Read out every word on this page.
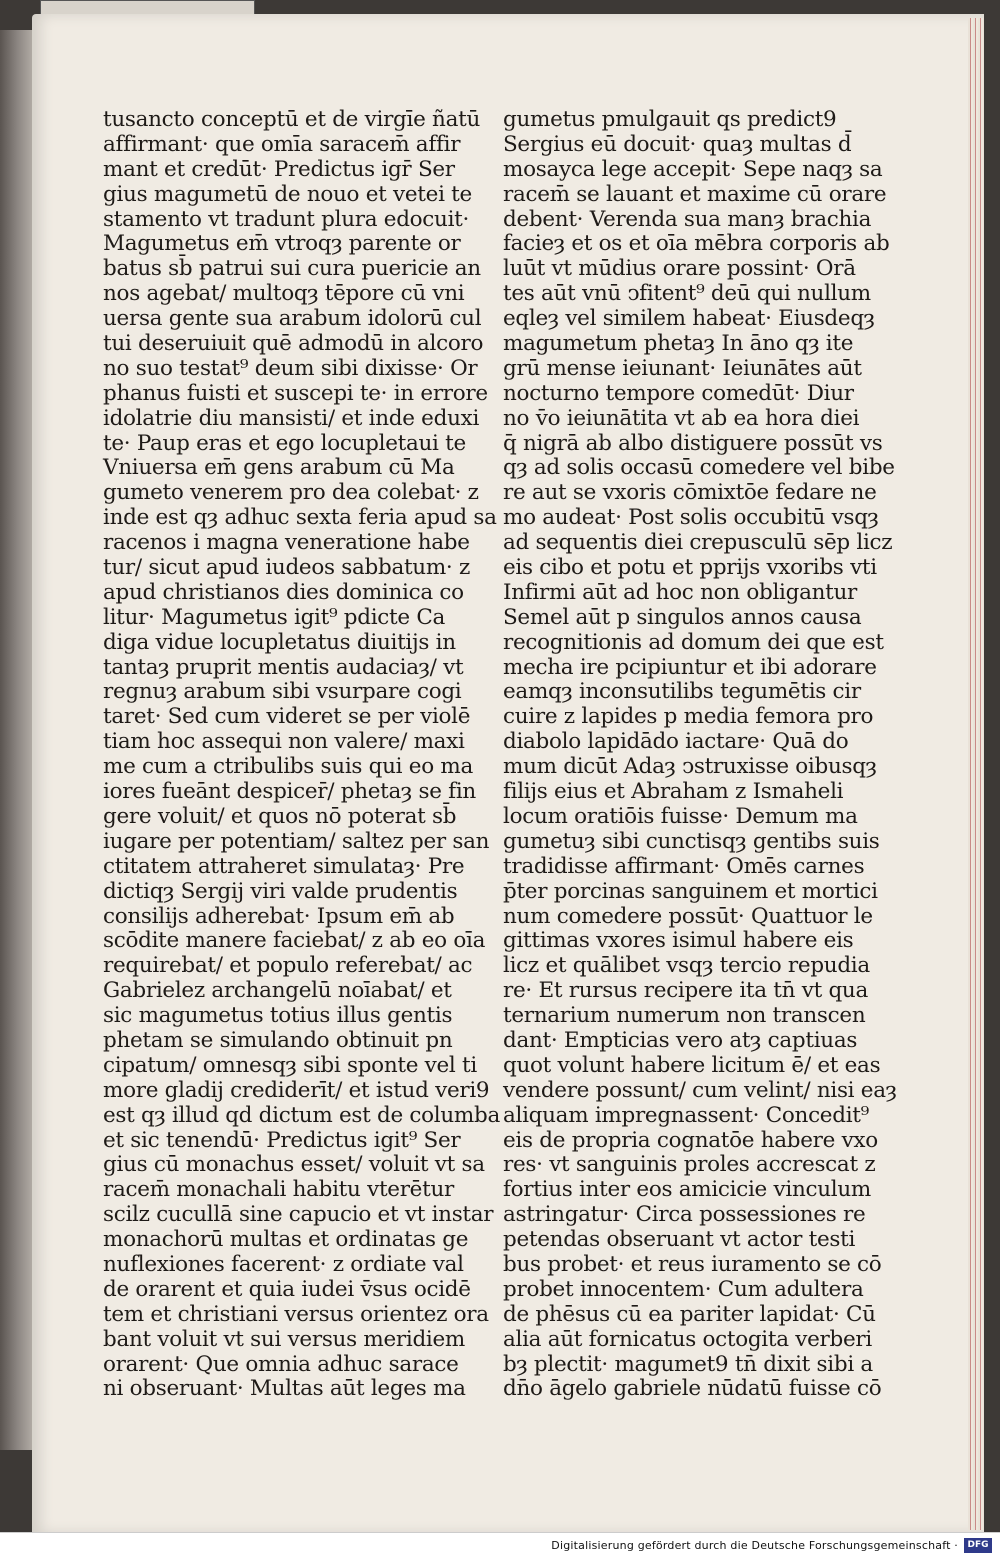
tusancto conceptū et de virgīe ñatū
affirmant· que omīa saracem̄ affir
mant et credūt· Predictus igr̄ Ser
gius magumetū de nouo et vetei te
stamento vt tradunt plura edocuit·
Magumetus em̄ vtroqȝ parente or
batus sb̄ patrui sui cura puericie an
nos agebat/ multoqȝ tēpore cū vni
uersa gente sua arabum idolorū cul
tui deseruiuit quē admodū in alcoro
no suo testat⁹ deum sibi dixisse· Or
phanus fuisti et suscepi te· in errore
idolatrie diu mansisti/ et inde eduxi
te· Paup eras et ego locupletaui te
Vniuersa em̄ gens arabum cū Ma
gumeto venerem pro dea colebat· z
inde est qȝ adhuc sexta feria apud sa
racenos i magna veneratione habe
tur/ sicut apud iudeos sabbatum· z
apud christianos dies dominica co
litur· Magumetus igit⁹ pdicte Ca
diga vidue locupletatus diuitijs in
tantaȝ pruprit mentis audaciaȝ/ vt
regnuȝ arabum sibi vsurpare cogi
taret· Sed cum videret se per violē
tiam hoc assequi non valere/ maxi
me cum a ctribulibs suis qui eo ma
iores fueānt despicer̄/ phetaȝ se fin
gere voluit/ et quos nō poterat sb̄
iugare per potentiam/ saltez per san
ctitatem attraheret simulataȝ· Pre
dictiqȝ Sergij viri valde prudentis
consilijs adherebat· Ipsum em̄ ab
scōdite manere faciebat/ z ab eo oīa
requirebat/ et populo referebat/ ac
Gabrielez archangelū noīabat/ et
sic magumetus totius illus gentis
phetam se simulando obtinuit pn
cipatum/ omnesqȝ sibi sponte vel ti
more gladij crediderīt/ et istud veri9
est qȝ illud qd dictum est de columba
et sic tenendū· Predictus igit⁹ Ser
gius cū monachus esset/ voluit vt sa
racem̄ monachali habitu vterētur
scilz cucullā sine capucio et vt instar
monachorū multas et ordinatas ge
nuflexiones facerent· z ordiate val
de orarent et quia iudei v̄sus ocidē
tem et christiani versus orientez ora
bant voluit vt sui versus meridiem
orarent· Que omnia adhuc sarace
ni obseruant· Multas aūt leges ma
gumetus pmulgauit qs predict9
Sergius eū docuit· quaȝ multas d̄
mosayca lege accepit· Sepe naqȝ sa
racem̄ se lauant et maxime cū orare
debent· Verenda sua manȝ brachia
facieȝ et os et oīa mēbra corporis ab
luūt vt mūdius orare possint· Orā
tes aūt vnū ↄfitent⁹ deū qui nullum
eqleȝ vel similem habeat· Eiusdeqȝ
magumetum phetaȝ In āno qȝ ite
grū mense ieiunant· Ieiunātes aūt
nocturno tempore comedūt· Diur
no v̄o ieiunātita vt ab ea hora diei
q̄ nigrā ab albo distiguere possūt vs
qȝ ad solis occasū comedere vel bibe
re aut se vxoris cōmixtōe fedare ne
mo audeat· Post solis occubitū vsqȝ
ad sequentis diei crepusculū sēp licz
eis cibo et potu et pprijs vxoribs vti
Infirmi aūt ad hoc non obligantur
Semel aūt p singulos annos causa
recognitionis ad domum dei que est
mecha ire pcipiuntur et ibi adorare
eamqȝ inconsutilibs tegumētis cir
cuire z lapides p media femora pro
diabolo lapidādo iactare· Quā do
mum dicūt Adaȝ ↄstruxisse oibusqȝ
filijs eius et Abraham z Ismaheli
locum oratiōis fuisse· Demum ma
gumetuȝ sibi cunctisqȝ gentibs suis
tradidisse affirmant· Omēs carnes
p̄ter porcinas sanguinem et mortici
num comedere possūt· Quattuor le
gittimas vxores isimul habere eis
licz et quālibet vsqȝ tercio repudia
re· Et rursus recipere ita tn̄ vt qua
ternarium numerum non transcen
dant· Empticias vero atȝ captiuas
quot volunt habere licitum ē/ et eas
vendere possunt/ cum velint/ nisi eaȝ
aliquam impregnassent· Concedit⁹
eis de propria cognatōe habere vxo
res· vt sanguinis proles accrescat z
fortius inter eos amicicie vinculum
astringatur· Circa possessiones re
petendas obseruant vt actor testi
bus probet· et reus iuramento se cō
probet innocentem· Cum adultera
de phēsus cū ea pariter lapidat· Cū
alia aūt fornicatus octogita verberi
bȝ plectit· magumet9 tn̄ dixit sibi a
dn̄o āgelo gabriele nūdatū fuisse cō
Digitalisierung gefördert durch die Deutsche Forschungsgemeinschaft ·	DFG
